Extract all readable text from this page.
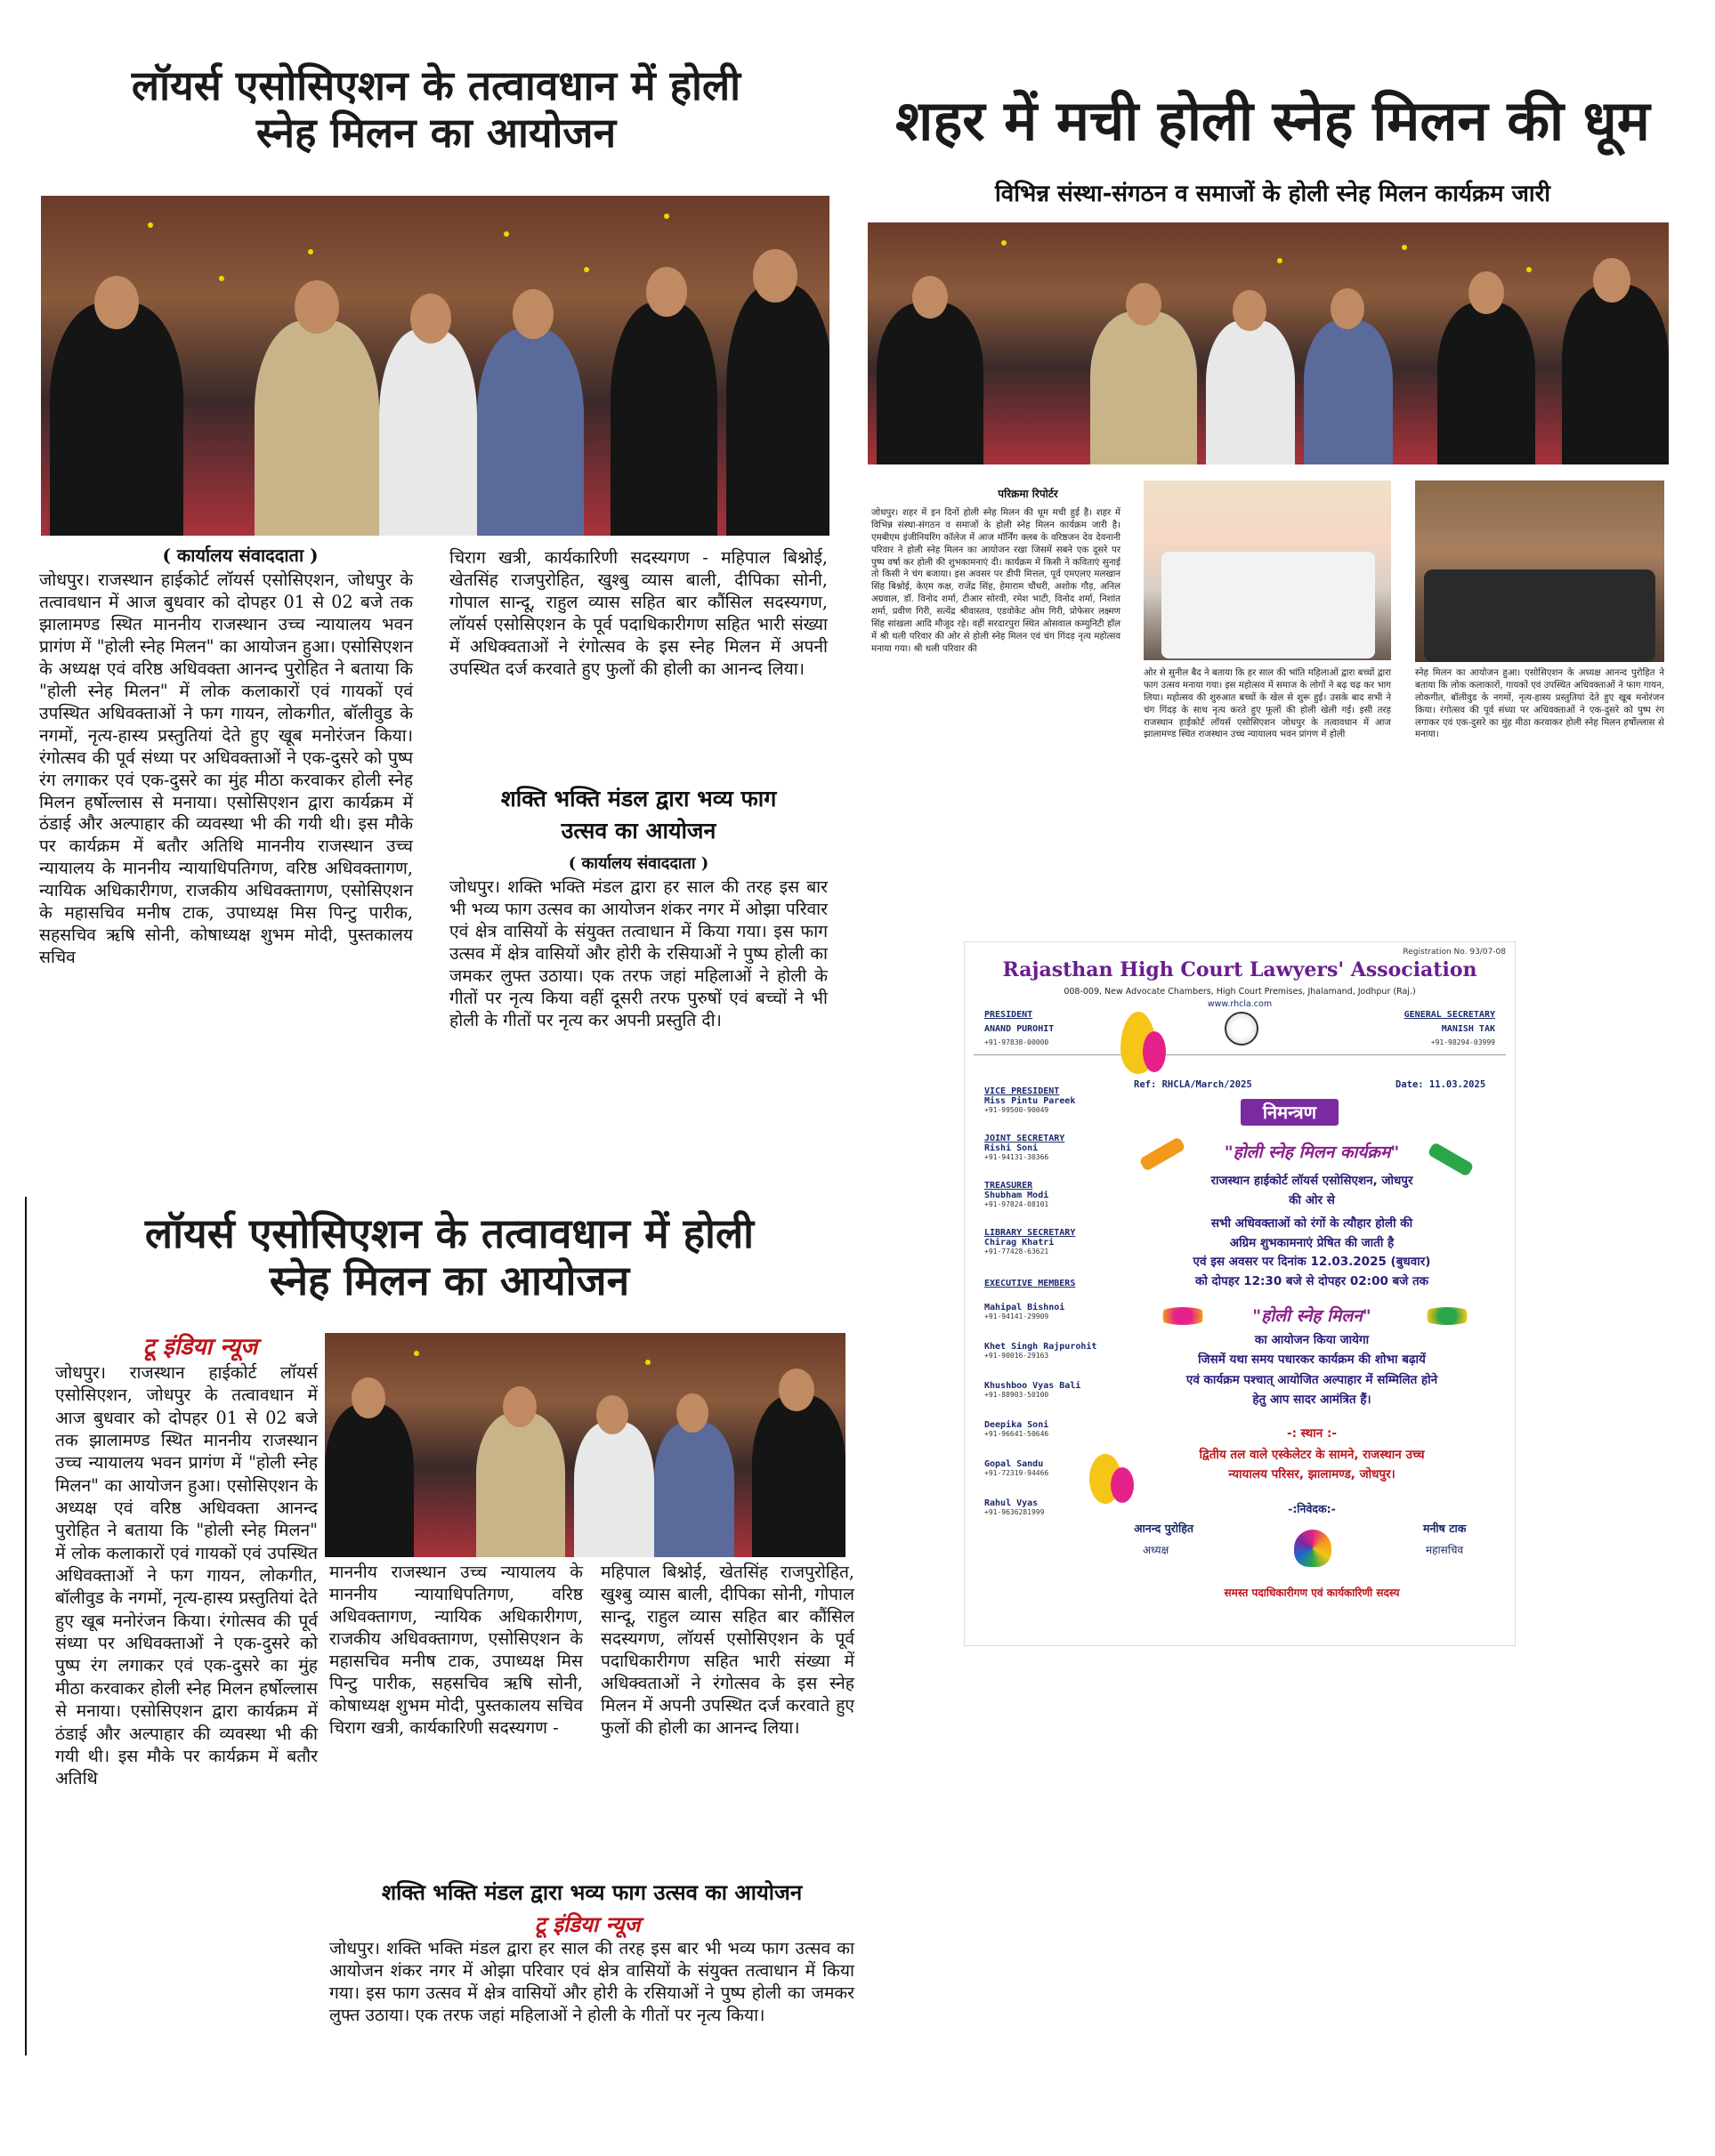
लॉयर्स एसोसिएशन के तत्वावधान में होली
स्नेह मिलन का आयोजन
( कार्यालय संवाददाता )
जोधपुर। राजस्थान हाईकोर्ट लॉयर्स एसोसिएशन, जोधपुर के तत्वावधान में आज बुधवार को दोपहर 01 से 02 बजे तक झालामण्ड स्थित माननीय राजस्थान उच्च न्यायालय भवन प्रागंण में "होली स्नेह मिलन" का आयोजन हुआ। एसोसिएशन के अध्यक्ष एवं वरिष्ठ अधिवक्ता आनन्द पुरोहित ने बताया कि "होली स्नेह मिलन" में लोक कलाकारों एवं गायकों एवं उपस्थित अधिवक्ताओं ने फग गायन, लोकगीत, बॉलीवुड के नगमों, नृत्य-हास्य प्रस्तुतियां देते हुए खूब मनोरंजन किया। रंगोत्सव की पूर्व संध्या पर अधिवक्ताओं ने एक-दुसरे को पुष्प रंग लगाकर एवं एक-दुसरे का मुंह मीठा करवाकर होली स्नेह मिलन हर्षोल्लास से मनाया। एसोसिएशन द्वारा कार्यक्रम में ठंडाई और अल्पाहार की व्यवस्था भी की गयी थी। इस मौके पर कार्यक्रम में बतौर अतिथि माननीय राजस्थान उच्च न्यायालय के माननीय न्यायाधिपतिगण, वरिष्ठ अधिवक्तागण, न्यायिक अधिकारीगण, राजकीय अधिवक्तागण, एसोसिएशन के महासचिव मनीष टाक, उपाध्यक्ष मिस पिन्टु पारीक, सहसचिव ऋषि सोनी, कोषाध्यक्ष शुभम मोदी, पुस्तकालय सचिव
चिराग खत्री, कार्यकारिणी सदस्यगण - महिपाल बिश्नोई, खेतसिंह राजपुरोहित, खुश्बु व्यास बाली, दीपिका सोनी, गोपाल सान्दू, राहुल व्यास सहित बार कौंसिल सदस्यगण, लॉयर्स एसोसिएशन के पूर्व पदाधिकारीगण सहित भारी संख्या में अधिक्वताओं ने रंगोत्सव के इस स्नेह मिलन में अपनी उपस्थित दर्ज करवाते हुए फुलों की होली का आनन्द लिया।
शक्ति भक्ति मंडल द्वारा भव्य फाग
उत्सव का आयोजन
( कार्यालय संवाददाता )
जोधपुर। शक्ति भक्ति मंडल द्वारा हर साल की तरह इस बार भी भव्य फाग उत्सव का आयोजन शंकर नगर में ओझा परिवार एवं क्षेत्र वासियों के संयुक्त तत्वाधान में किया गया। इस फाग उत्सव में क्षेत्र वासियों और होरी के रसियाओं ने पुष्प होली का जमकर लुफ्त उठाया। एक तरफ जहां महिलाओं ने होली के गीतों पर नृत्य किया वहीं दूसरी तरफ पुरुषों एवं बच्चों ने भी होली के गीतों पर नृत्य कर अपनी प्रस्तुति दी।
शहर में मची होली स्नेह मिलन की धूम
विभिन्न संस्था-संगठन व समाजों के होली स्नेह मिलन कार्यक्रम जारी
परिक्रमा रिपोर्टर
जोधपुर। शहर में इन दिनों होली स्नेह मिलन की धूम मची हुई है। शहर में विभिन्न संस्था-संगठन व समाजों के होली स्नेह मिलन कार्यक्रम जारी है। एमबीएम इंजीनियरिंग कॉलेज में आज मॉर्निंग क्लब के वरिष्ठजन देव देवनानी परिवार ने होली स्नेह मिलन का आयोजन रखा जिसमें सबने एक दूसरे पर पुष्प वर्षा कर होली की शुभकामनाएं दी। कार्यक्रम में किसी ने कविताएं सुनाई तो किसी ने चंग बजाया। इस अवसर पर डीपी मित्तल, पूर्व एमएलए मलखान सिंह बिश्नोई, केएम कक्ष, राजेंद्र सिंह, हेमाराम चौधरी, अशोक गौड़, अनिल अग्रवाल, डॉ. विनोद शर्मा, टीआर सोरवी, रमेश भाटी, विनोद शर्मा, निशांत शर्मा, प्रवीण गिरी, सत्येंद्र श्रीवास्तव, एडवोकेट ओम गिरी, प्रोफेसर लक्ष्मण सिंह सांखला आदि मौजूद रहे। वहीं सरदारपुरा स्थित ओसवाल कम्युनिटी हॉल में श्री थली परिवार की ओर से होली स्नेह मिलन एवं चंग गिंदड़ नृत्य महोत्सव मनाया गया। श्री थली परिवार की
ओर से सुनील बैद ने बताया कि हर साल की भांति महिलाओं द्वारा बच्चों द्वारा फाग उत्सव मनाया गया। इस महोत्सव में समाज के लोगों ने बढ़ चढ़ कर भाग लिया। महोत्सव की शुरुआत बच्चों के खेल से शुरू हुई। उसके बाद सभी ने चंग गिंदड़ के साथ नृत्य करते हुए फूलों की होली खेली गई। इसी तरह राजस्थान हाईकोर्ट लॉयर्स एसोसिएशन जोधपुर के तत्वावधान में आज झालामण्ड स्थित राजस्थान उच्च न्यायालय भवन प्रांगण में होली
स्नेह मिलन का आयोजन हुआ। एसोसिएशन के अध्यक्ष आनन्द पुरोहित ने बताया कि लोक कलाकारों, गायकों एवं उपस्थित अधिवक्ताओं ने फाग गायन, लोकगीत, बॉलीवुड के नगमों, नृत्य-हास्य प्रस्तुतियां देते हुए खूब मनोरंजन किया। रंगोत्सव की पूर्व संध्या पर अधिवक्ताओं ने एक-दुसरे को पुष्प रंग लगाकर एवं एक-दुसरे का मुंह मीठा करवाकर होली स्नेह मिलन हर्षोल्लास से मनाया।
लॉयर्स एसोसिएशन के तत्वावधान में होली
स्नेह मिलन का आयोजन
टू इंडिया न्यूज
जोधपुर। राजस्थान हाईकोर्ट लॉयर्स एसोसिएशन, जोधपुर के तत्वावधान में आज बुधवार को दोपहर 01 से 02 बजे तक झालामण्ड स्थित माननीय राजस्थान उच्च न्यायालय भवन प्रागंण में "होली स्नेह मिलन" का आयोजन हुआ। एसोसिएशन के अध्यक्ष एवं वरिष्ठ अधिवक्ता आनन्द पुरोहित ने बताया कि "होली स्नेह मिलन" में लोक कलाकारों एवं गायकों एवं उपस्थित अधिवक्ताओं ने फग गायन, लोकगीत, बॉलीवुड के नगमों, नृत्य-हास्य प्रस्तुतियां देते हुए खूब मनोरंजन किया। रंगोत्सव की पूर्व संध्या पर अधिवक्ताओं ने एक-दुसरे को पुष्प रंग लगाकर एवं एक-दुसरे का मुंह मीठा करवाकर होली स्नेह मिलन हर्षोल्लास से मनाया। एसोसिएशन द्वारा कार्यक्रम में ठंडाई और अल्पाहार की व्यवस्था भी की गयी थी। इस मौके पर कार्यक्रम में बतौर अतिथि
माननीय राजस्थान उच्च न्यायालय के माननीय न्यायाधिपतिगण, वरिष्ठ अधिवक्तागण, न्यायिक अधिकारीगण, राजकीय अधिवक्तागण, एसोसिएशन के महासचिव मनीष टाक, उपाध्यक्ष मिस पिन्टु पारीक, सहसचिव ऋषि सोनी, कोषाध्यक्ष शुभम मोदी, पुस्तकालय सचिव चिराग खत्री, कार्यकारिणी सदस्यगण -
महिपाल बिश्नोई, खेतसिंह राजपुरोहित, खुश्बु व्यास बाली, दीपिका सोनी, गोपाल सान्दू, राहुल व्यास सहित बार कौंसिल सदस्यगण, लॉयर्स एसोसिएशन के पूर्व पदाधिकारीगण सहित भारी संख्या में अधिक्वताओं ने रंगोत्सव के इस स्नेह मिलन में अपनी उपस्थित दर्ज करवाते हुए फुलों की होली का आनन्द लिया।
शक्ति भक्ति मंडल द्वारा भव्य फाग उत्सव का आयोजन
टू इंडिया न्यूज
जोधपुर। शक्ति भक्ति मंडल द्वारा हर साल की तरह इस बार भी भव्य फाग उत्सव का आयोजन शंकर नगर में ओझा परिवार एवं क्षेत्र वासियों के संयुक्त तत्वाधान में किया गया। इस फाग उत्सव में क्षेत्र वासियों और होरी के रसियाओं ने पुष्प होली का जमकर लुफ्त उठाया। एक तरफ जहां महिलाओं ने होली के गीतों पर नृत्य किया।
Registration No. 93/07-08
Rajasthan High Court Lawyers' Association
008-009, New Advocate Chambers, High Court Premises, Jhalamand, Jodhpur (Raj.)
www.rhcla.com
PRESIDENT
ANAND PUROHIT
+91-97838-00000
GENERAL SECRETARY
MANISH TAK
+91-98294-03999
Ref: RHCLA/March/2025	Date: 11.03.2025
VICE PRESIDENT
Miss Pintu Pareek
+91-99500-90049
JOINT SECRETARY
Rishi Soni
+91-94131-30366
TREASURER
Shubham Modi
+91-97824-08101
LIBRARY SECRETARY
Chirag Khatri
+91-77428-63621
EXECUTIVE MEMBERS
Mahipal Bishnoi
+91-94141-29909
Khet Singh Rajpurohit
+91-90016-29163
Khushboo Vyas Bali
+91-88903-50100
Deepika Soni
+91-96641-50646
Gopal Sandu
+91-72319-94466
Rahul Vyas
+91-9636281999
निमन्त्रण
"होली स्नेह मिलन कार्यक्रम"
राजस्थान हाईकोर्ट लॉयर्स एसोसिएशन, जोधपुर
की ओर से
सभी अधिवक्ताओं को रंगों के त्यौहार होली की
अग्रिम शुभकामनाएं प्रेषित की जाती है
एवं इस अवसर पर दिनांक 12.03.2025 (बुधवार)
को दोपहर 12:30 बजे से दोपहर 02:00 बजे तक
"होली स्नेह मिलन"
का आयोजन किया जायेगा
जिसमें यथा समय पधारकर कार्यक्रम की शोभा बढ़ायें
एवं कार्यक्रम पश्चात् आयोजित अल्पाहार में सम्मिलित होने
हेतु आप सादर आमंत्रित हैं।
-: स्थान :-
द्वितीय तल वाले एस्केलेटर के सामने, राजस्थान उच्च
न्यायालय परिसर, झालामण्ड, जोधपुर।
-:निवेदक:-
आनन्द पुरोहित
अध्यक्ष
मनीष टाक
महासचिव
समस्त पदाधिकारीगण एवं कार्यकारिणी सदस्य
